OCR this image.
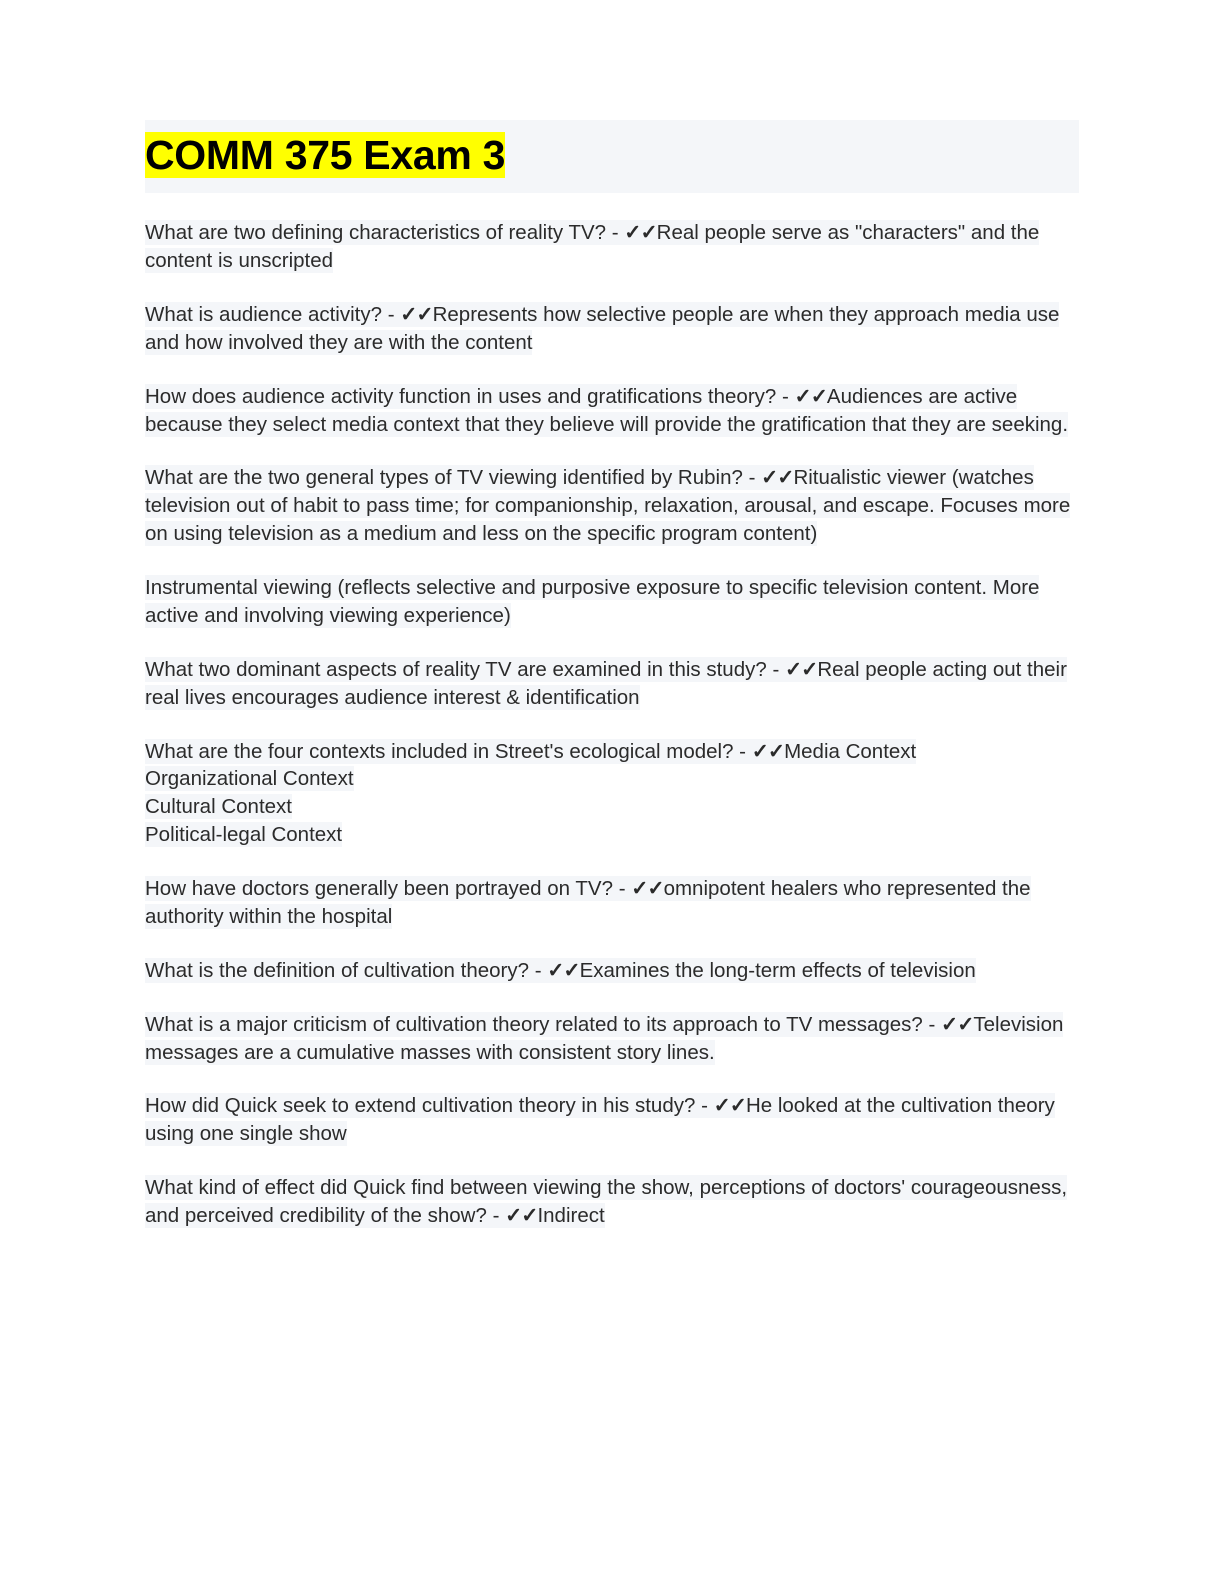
COMM 375 Exam 3
What are two defining characteristics of reality TV? - ✓✓Real people serve as "characters" and the content is unscripted
What is audience activity? - ✓✓Represents how selective people are when they approach media use and how involved they are with the content
How does audience activity function in uses and gratifications theory? - ✓✓Audiences are active because they select media context that they believe will provide the gratification that they are seeking.
What are the two general types of TV viewing identified by Rubin? - ✓✓Ritualistic viewer (watches television out of habit to pass time; for companionship, relaxation, arousal, and escape. Focuses more on using television as a medium and less on the specific program content)
Instrumental viewing (reflects selective and purposive exposure to specific television content. More active and involving viewing experience)
What two dominant aspects of reality TV are examined in this study? - ✓✓Real people acting out their real lives encourages audience interest & identification
What are the four contexts included in Street's ecological model? - ✓✓Media Context
Organizational Context
Cultural Context
Political-legal Context
How have doctors generally been portrayed on TV? - ✓✓omnipotent healers who represented the authority within the hospital
What is the definition of cultivation theory? - ✓✓Examines the long-term effects of television
What is a major criticism of cultivation theory related to its approach to TV messages? - ✓✓Television messages are a cumulative masses with consistent story lines.
How did Quick seek to extend cultivation theory in his study? - ✓✓He looked at the cultivation theory using one single show
What kind of effect did Quick find between viewing the show, perceptions of doctors' courageousness, and perceived credibility of the show? - ✓✓Indirect
